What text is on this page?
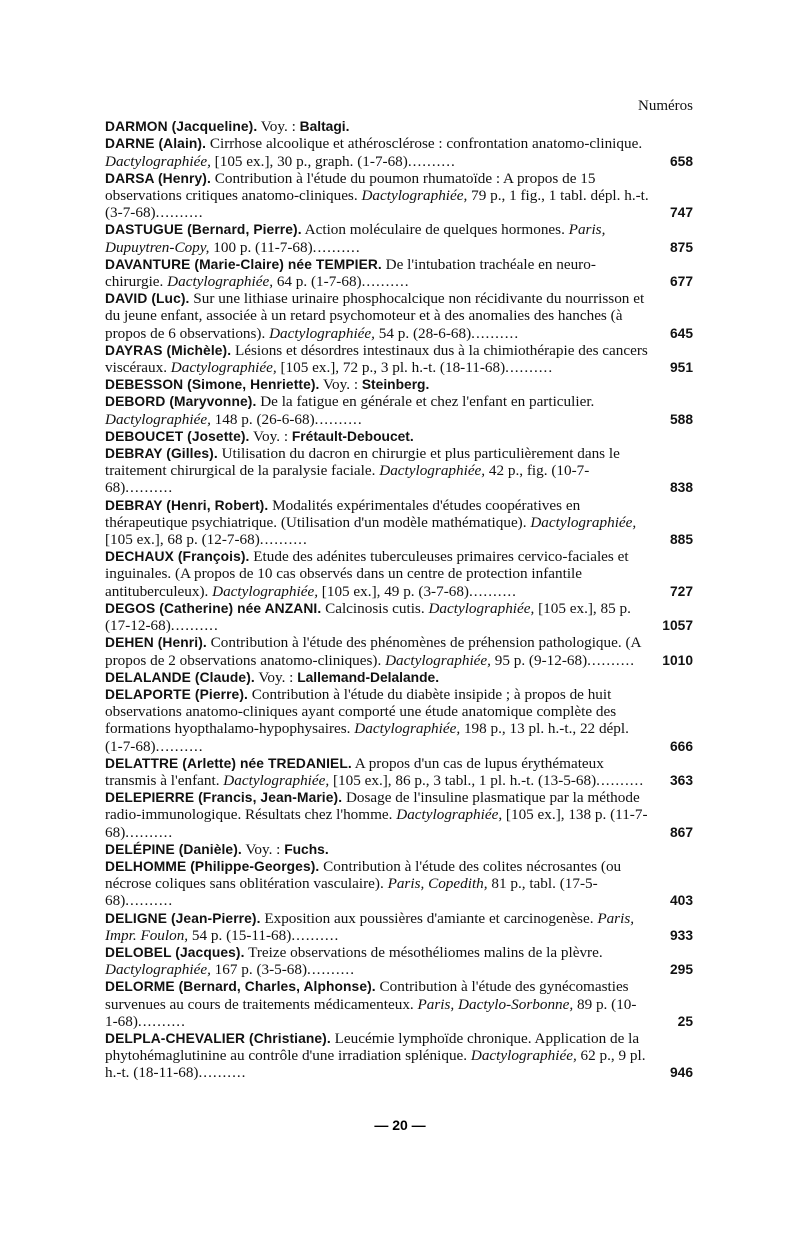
Numéros
DARMON (Jacqueline). Voy. : Baltagi.
DARNE (Alain). Cirrhose alcoolique et athérosclérose : confrontation anatomo-clinique. Dactylographiée, [105 ex.], 30 p., graph. (1-7-68)..........	658
DARSA (Henry). Contribution à l'étude du poumon rhumatoïde : A propos de 15 observations critiques anatomo-cliniques. Dactylographiée, 79 p., 1 fig., 1 tabl. dépl. h.-t. (3-7-68)..........	747
DASTUGUE (Bernard, Pierre). Action moléculaire de quelques hormones. Paris, Dupuytren-Copy, 100 p. (11-7-68)..........	875
DAVANTURE (Marie-Claire) née TEMPIER. De l'intubation trachéale en neuro-chirurgie. Dactylographiée, 64 p. (1-7-68)..........	677
DAVID (Luc). Sur une lithiase urinaire phosphocalcique non récidivante du nourrisson et du jeune enfant, associée à un retard psychomoteur et à des anomalies des hanches (à propos de 6 observations). Dactylographiée, 54 p. (28-6-68)..........	645
DAYRAS (Michèle). Lésions et désordres intestinaux dus à la chimiothérapie des cancers viscéraux. Dactylographiée, [105 ex.], 72 p., 3 pl. h.-t. (18-11-68)..........	951
DEBESSON (Simone, Henriette). Voy. : Steinberg.
DEBORD (Maryvonne). De la fatigue en générale et chez l'enfant en particulier. Dactylographiée, 148 p. (26-6-68)..........	588
DEBOUCET (Josette). Voy. : Frétault-Deboucet.
DEBRAY (Gilles). Utilisation du dacron en chirurgie et plus particulièrement dans le traitement chirurgical de la paralysie faciale. Dactylographiée, 42 p., fig. (10-7-68)..........	838
DEBRAY (Henri, Robert). Modalités expérimentales d'études coopératives en thérapeutique psychiatrique. (Utilisation d'un modèle mathématique). Dactylographiée, [105 ex.], 68 p. (12-7-68)..........	885
DECHAUX (François). Etude des adénites tuberculeuses primaires cervico-faciales et inguinales. (A propos de 10 cas observés dans un centre de protection infantile antituberculeux). Dactylographiée, [105 ex.], 49 p. (3-7-68)..........	727
DEGOS (Catherine) née ANZANI. Calcinosis cutis. Dactylographiée, [105 ex.], 85 p. (17-12-68)..........	1057
DEHEN (Henri). Contribution à l'étude des phénomènes de préhension pathologique. (A propos de 2 observations anatomo-cliniques). Dactylographiée, 95 p. (9-12-68).......... 1010
DELALANDE (Claude). Voy. : Lallemand-Delalande.
DELAPORTE (Pierre). Contribution à l'étude du diabète insipide ; à propos de huit observations anatomo-cliniques ayant comporté une étude anatomique complète des formations hyopthalamo-hypophysaires. Dactylographiée, 198 p., 13 pl. h.-t., 22 dépl. (1-7-68)..........	666
DELATTRE (Arlette) née TREDANIEL. A propos d'un cas de lupus érythémateux transmis à l'enfant. Dactylographiée, [105 ex.], 86 p., 3 tabl., 1 pl. h.-t. (13-5-68).......... 363
DELEPIERRE (Francis, Jean-Marie). Dosage de l'insuline plasmatique par la méthode radio-immunologique. Résultats chez l'homme. Dactylographiée, [105 ex.], 138 p. (11-7-68)..........	867
DELÉPINE (Danièle). Voy. : Fuchs.
DELHOMME (Philippe-Georges). Contribution à l'étude des colites nécrosantes (ou nécrose coliques sans oblitération vasculaire). Paris, Copedith, 81 p., tabl. (17-5-68)..........	403
DELIGNE (Jean-Pierre). Exposition aux poussières d'amiante et carcinogenèse. Paris, Impr. Foulon, 54 p. (15-11-68)..........	933
DELOBEL (Jacques). Treize observations de mésothéliomes malins de la plèvre. Dactylographiée, 167 p. (3-5-68)..........	295
DELORME (Bernard, Charles, Alphonse). Contribution à l'étude des gynécomasties survenues au cours de traitements médicamenteux. Paris, Dactylo-Sorbonne, 89 p. (10-1-68)..........	25
DELPLA-CHEVALIER (Christiane). Leucémie lymphoïde chronique. Application de la phytohémaglutinine au contrôle d'une irradiation splénique. Dactylographiée, 62 p., 9 pl. h.-t. (18-11-68)..........	946
— 20 —
